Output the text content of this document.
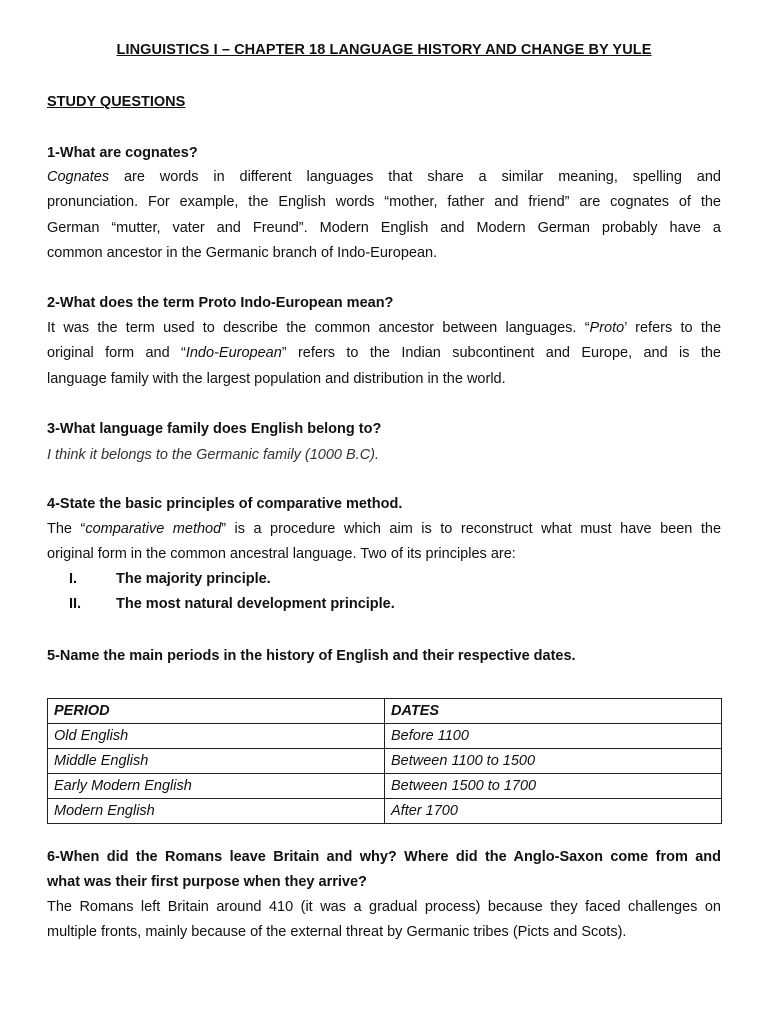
LINGUISTICS I – CHAPTER 18 LANGUAGE HISTORY AND CHANGE BY YULE
STUDY QUESTIONS
1-What are cognates?
Cognates are words in different languages that share a similar meaning, spelling and
pronunciation. For example, the English words “mother, father and friend” are cognates of the
German “mutter, vater and Freund”. Modern English and Modern German probably have a
common ancestor in the Germanic branch of Indo-European.
2-What does the term Proto Indo-European mean?
It was the term used to describe the common ancestor between languages. “Proto’ refers to the
original form and “Indo-European” refers to the Indian subcontinent and Europe, and is the
language family with the largest population and distribution in the world.
3-What language family does English belong to?
I think it belongs to the Germanic family (1000 B.C).
4-State the basic principles of comparative method.
The “comparative method” is a procedure which aim is to reconstruct what must have been the
original form in the common ancestral language. Two of its principles are:
I.	The majority principle.
II. The most natural development principle.
5-Name the main periods in the history of English and their respective dates.
PERIOD	DATES
Old English	Before 1100
Middle English	Between 1100 to 1500
Early Modern English	Between 1500 to 1700
Modern English	After 1700
6-When did the Romans leave Britain and why? Where did the Anglo-Saxon come from and
what was their first purpose when they arrive?
The Romans left Britain around 410 (it was a gradual process) because they faced challenges on
multiple fronts, mainly because of the external threat by Germanic tribes (Picts and Scots).
